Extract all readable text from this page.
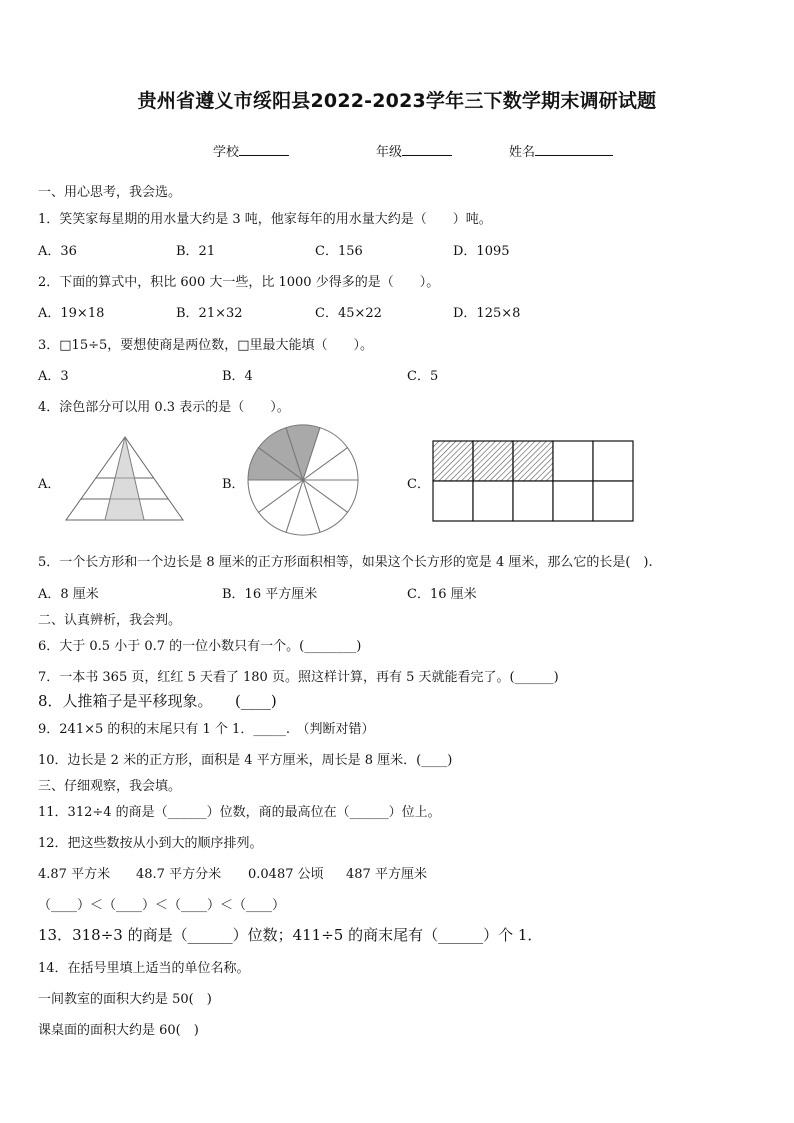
贵州省遵义市绥阳县2022-2023学年三下数学期末调研试题
学校	年级	姓名
一、用心思考，我会选。
1．笑笑家每星期的用水量大约是 3 吨，他家每年的用水量大约是（　　）吨。
A．36	B．21	C．156	D．1095
2．下面的算式中，积比 600 大一些，比 1000 少得多的是（　　）。
A．19×18	B．21×32	C．45×22	D．125×8
3．□15÷5，要想使商是两位数，□里最大能填（　　）。
A．3	B．4	C．5
4．涂色部分可以用 0.3 表示的是（　　）。
A．	B．	C．
5．一个长方形和一个边长是 8 厘米的正方形面积相等，如果这个长方形的宽是 4 厘米，那么它的长是(　).
A．8 厘米	B．16 平方厘米	C．16 厘米
二、认真辨析，我会判。
6．大于 0.5 小于 0.7 的一位小数只有一个。(________)
7．一本书 365 页，红红 5 天看了 180 页。照这样计算，再有 5 天就能看完了。(______)
8．人推箱子是平移现象。　　(____)
9．241×5 的积的末尾只有 1 个 1．_____.　（判断对错）
10．边长是 2 米的正方形，面积是 4 平方厘米，周长是 8 厘米．(____)
三、仔细观察，我会填。
11．312÷4 的商是（______）位数，商的最高位在（______）位上。
12．把这些数按从小到大的顺序排列。
4.87 平方米 48.7 平方分米 0.0487 公顷 487 平方厘米
（____）＜（____）＜（____）＜（____）
13．318÷3 的商是（______）位数；411÷5 的商末尾有（______）个 1．
14．在括号里填上适当的单位名称。
一间教室的面积大约是 50(　)
课桌面的面积大约是 60(　)
